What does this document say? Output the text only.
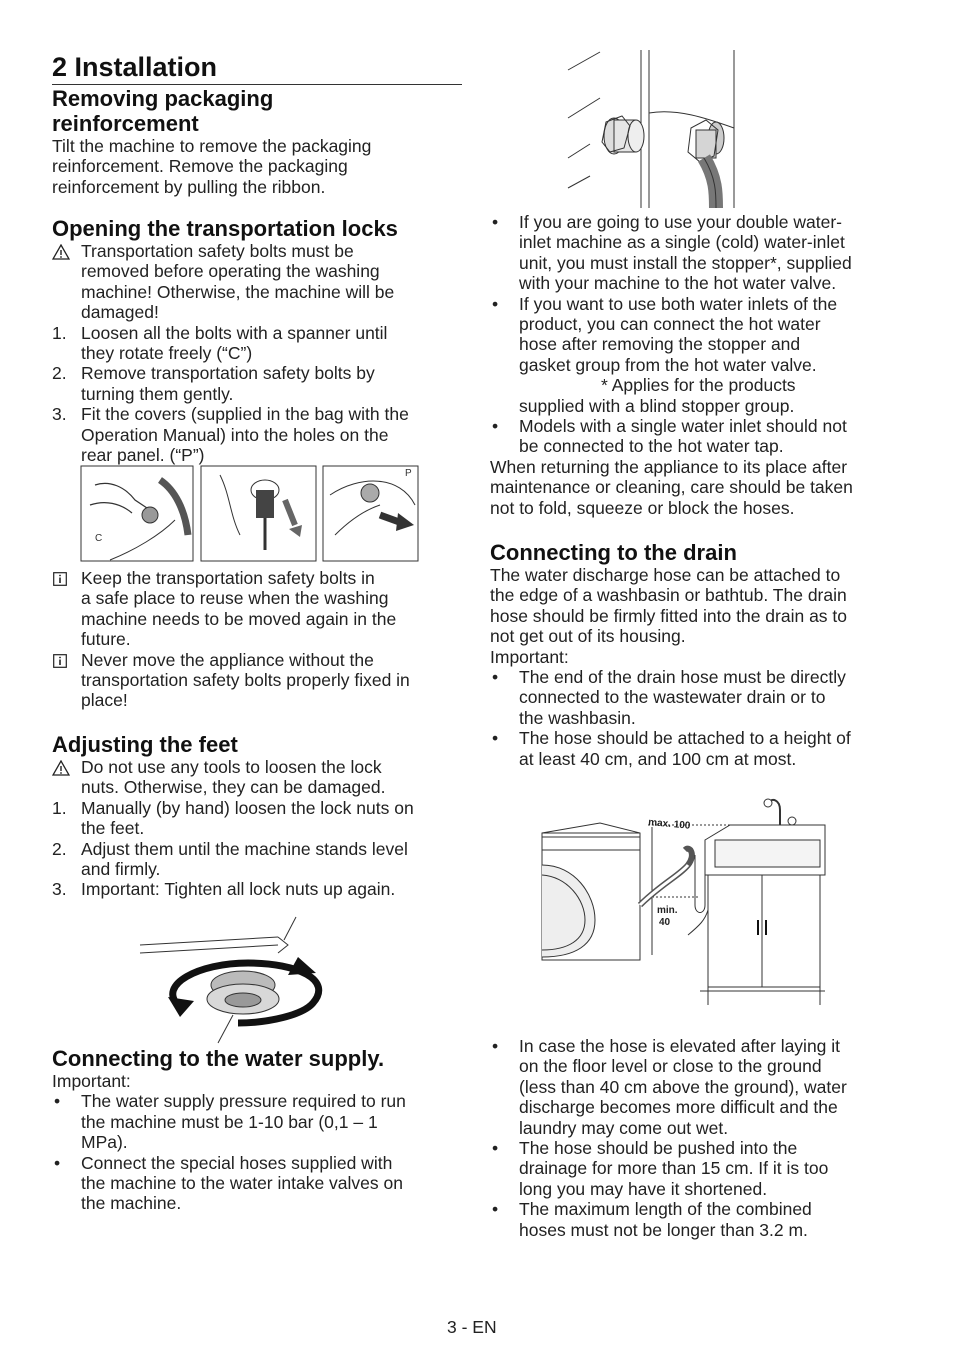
2 Installation
Removing packaging
reinforcement
Tilt the machine to remove the packaging
reinforcement. Remove the packaging
reinforcement by pulling the ribbon.
Opening the transportation locks
Transportation safety bolts must be
removed before operating the washing
machine! Otherwise, the machine will be
damaged!
1. Loosen all the bolts with a spanner until
they rotate freely (“C”)
2. Remove transportation safety bolts by
turning them gently.
3. Fit the covers (supplied in the bag with the
Operation Manual) into the holes on the
rear panel. (“P”)
C
P
Keep the transportation safety bolts in
a safe place to reuse when the washing
machine needs to be moved again in the
future.
Never move the appliance without the
transportation safety bolts properly fixed in
place!
Adjusting the feet
Do not use any tools to loosen the lock
nuts. Otherwise, they can be damaged.
1. Manually (by hand) loosen the lock nuts on
the feet.
2. Adjust them until the machine stands level
and firmly.
3. Important: Tighten all lock nuts up again.
Connecting to the water supply.
Important:
•	The water supply pressure required to run
the machine must be 1-10 bar (0,1 – 1
MPa).
•	Connect the special hoses supplied with
the machine to the water intake valves on
the machine.
•	If you are going to use your double water-
inlet machine as a single (cold) water-inlet
unit, you must install the stopper*, supplied
with your machine to the hot water valve.
•	If you want to use both water inlets of the
product, you can connect the hot water
hose after removing the stopper and
gasket group from the hot water valve.
* Applies for the products
supplied with a blind stopper group.
•	Models with a single water inlet should not
be connected to the hot water tap.
When returning the appliance to its place after
maintenance or cleaning, care should be taken
not to fold, squeeze or block the hoses.
Connecting to the drain
The water discharge hose can be attached to
the edge of a washbasin or bathtub. The drain
hose should be firmly fitted into the drain as to
not get out of its housing.
Important:
•	The end of the drain hose must be directly
connected to the wastewater drain or to
the washbasin.
•	The hose should be attached to a height of
at least 40 cm, and 100 cm at most.
max. 100
min.
40
•	In case the hose is elevated after laying it
on the floor level or close to the ground
(less than 40 cm above the ground), water
discharge becomes more difficult and the
laundry may come out wet.
•	The hose should be pushed into the
drainage for more than 15 cm. If it is too
long you may have it shortened.
•	The maximum length of the combined
hoses must not be longer than 3.2 m.
3 - EN
